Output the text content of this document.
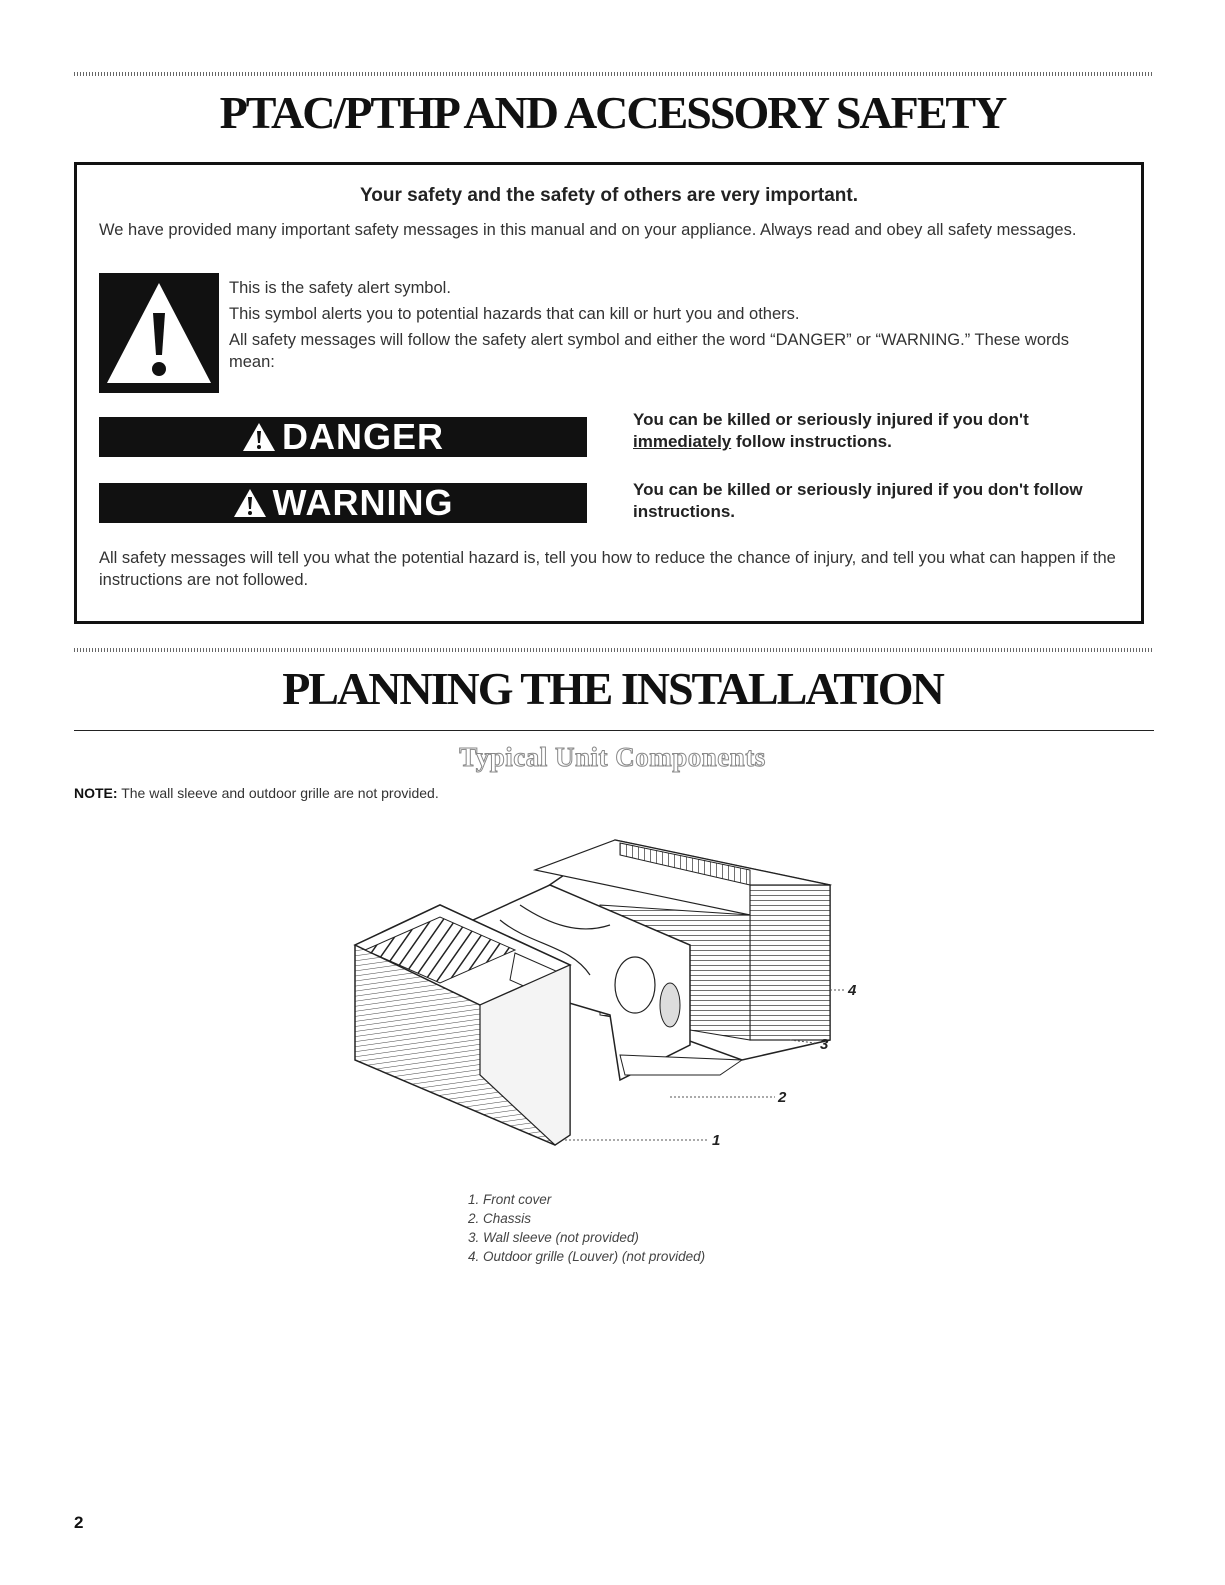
PTAC/PTHP AND ACCESSORY SAFETY
Your safety and the safety of others are very important.

We have provided many important safety messages in this manual and on your appliance. Always read and obey all safety messages.

This is the safety alert symbol.

This symbol alerts you to potential hazards that can kill or hurt you and others.

All safety messages will follow the safety alert symbol and either the word “DANGER” or “WARNING.” These words mean:

DANGER	You can be killed or seriously injured if you don't immediately follow instructions.
WARNING	You can be killed or seriously injured if you don't follow instructions.

All safety messages will tell you what the potential hazard is, tell you how to reduce the chance of injury, and tell you what can happen if the instructions are not followed.

PLANNING THE INSTALLATION
Typical Unit Components

NOTE: The wall sleeve and outdoor grille are not provided.

4
3
2
1
1. Front cover
2. Chassis
3. Wall sleeve (not provided)
4. Outdoor grille (Louver) (not provided)
2
